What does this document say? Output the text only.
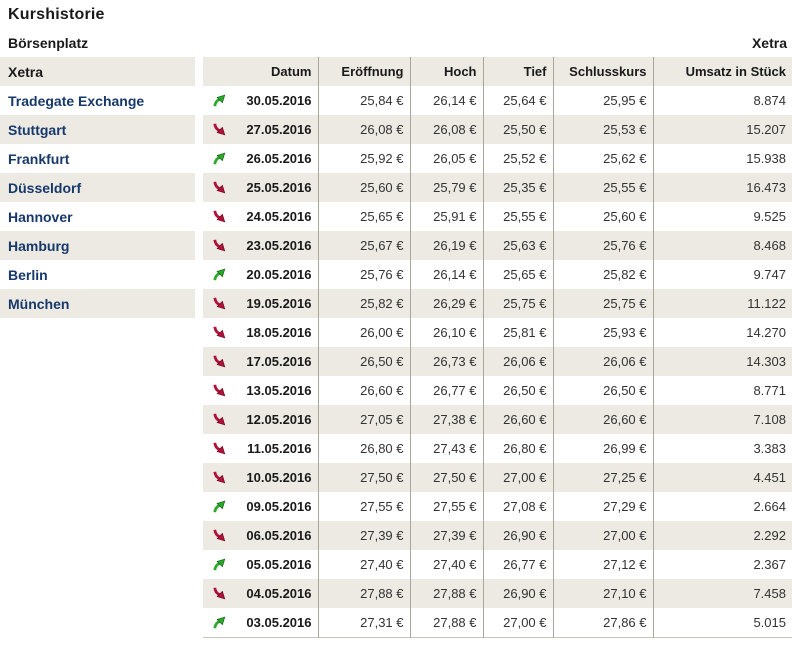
Kurshistorie
Börsenplatz	Xetra
Xetra
Tradegate Exchange
Stuttgart
Frankfurt
Düsseldorf
Hannover
Hamburg
Berlin
München
Datum	Eröffnung	Hoch	Tief	Schlusskurs	Umsatz in Stück

30.05.2016	25,84 €	26,14 €	25,64 €	25,95 €	8.874

27.05.2016	26,08 €	26,08 €	25,50 €	25,53 €	15.207

26.05.2016	25,92 €	26,05 €	25,52 €	25,62 €	15.938

25.05.2016	25,60 €	25,79 €	25,35 €	25,55 €	16.473

24.05.2016	25,65 €	25,91 €	25,55 €	25,60 €	9.525

23.05.2016	25,67 €	26,19 €	25,63 €	25,76 €	8.468

20.05.2016	25,76 €	26,14 €	25,65 €	25,82 €	9.747

19.05.2016	25,82 €	26,29 €	25,75 €	25,75 €	11.122

18.05.2016	26,00 €	26,10 €	25,81 €	25,93 €	14.270

17.05.2016	26,50 €	26,73 €	26,06 €	26,06 €	14.303

13.05.2016	26,60 €	26,77 €	26,50 €	26,50 €	8.771

12.05.2016	27,05 €	27,38 €	26,60 €	26,60 €	7.108

11.05.2016	26,80 €	27,43 €	26,80 €	26,99 €	3.383

10.05.2016	27,50 €	27,50 €	27,00 €	27,25 €	4.451

09.05.2016	27,55 €	27,55 €	27,08 €	27,29 €	2.664

06.05.2016	27,39 €	27,39 €	26,90 €	27,00 €	2.292

05.05.2016	27,40 €	27,40 €	26,77 €	27,12 €	2.367

04.05.2016	27,88 €	27,88 €	26,90 €	27,10 €	7.458

03.05.2016	27,31 €	27,88 €	27,00 €	27,86 €	5.015
